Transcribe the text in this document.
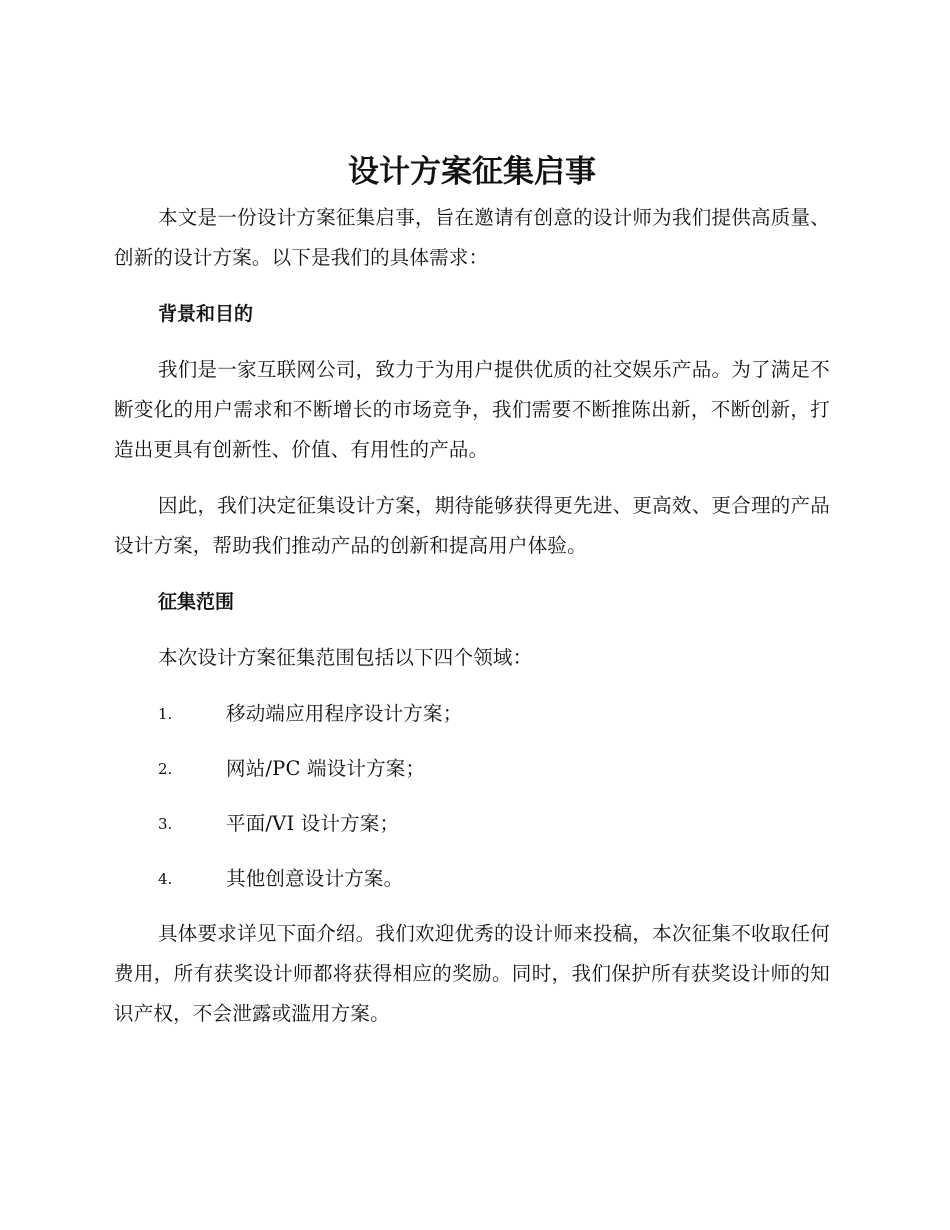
设计方案征集启事

本文是一份设计方案征集启事，旨在邀请有创意的设计师为我们提供高质量、创新的设计方案。以下是我们的具体需求：

背景和目的

我们是一家互联网公司，致力于为用户提供优质的社交娱乐产品。为了满足不断变化的用户需求和不断增长的市场竞争，我们需要不断推陈出新，不断创新，打造出更具有创新性、价值、有用性的产品。

因此，我们决定征集设计方案，期待能够获得更先进、更高效、更合理的产品设计方案，帮助我们推动产品的创新和提高用户体验。

征集范围

本次设计方案征集范围包括以下四个领域：

1.	移动端应用程序设计方案；
2.	网站/PC 端设计方案；
3.	平面/VI 设计方案；
4.	其他创意设计方案。

具体要求详见下面介绍。我们欢迎优秀的设计师来投稿，本次征集不收取任何费用，所有获奖设计师都将获得相应的奖励。同时，我们保护所有获奖设计师的知识产权，不会泄露或滥用方案。
